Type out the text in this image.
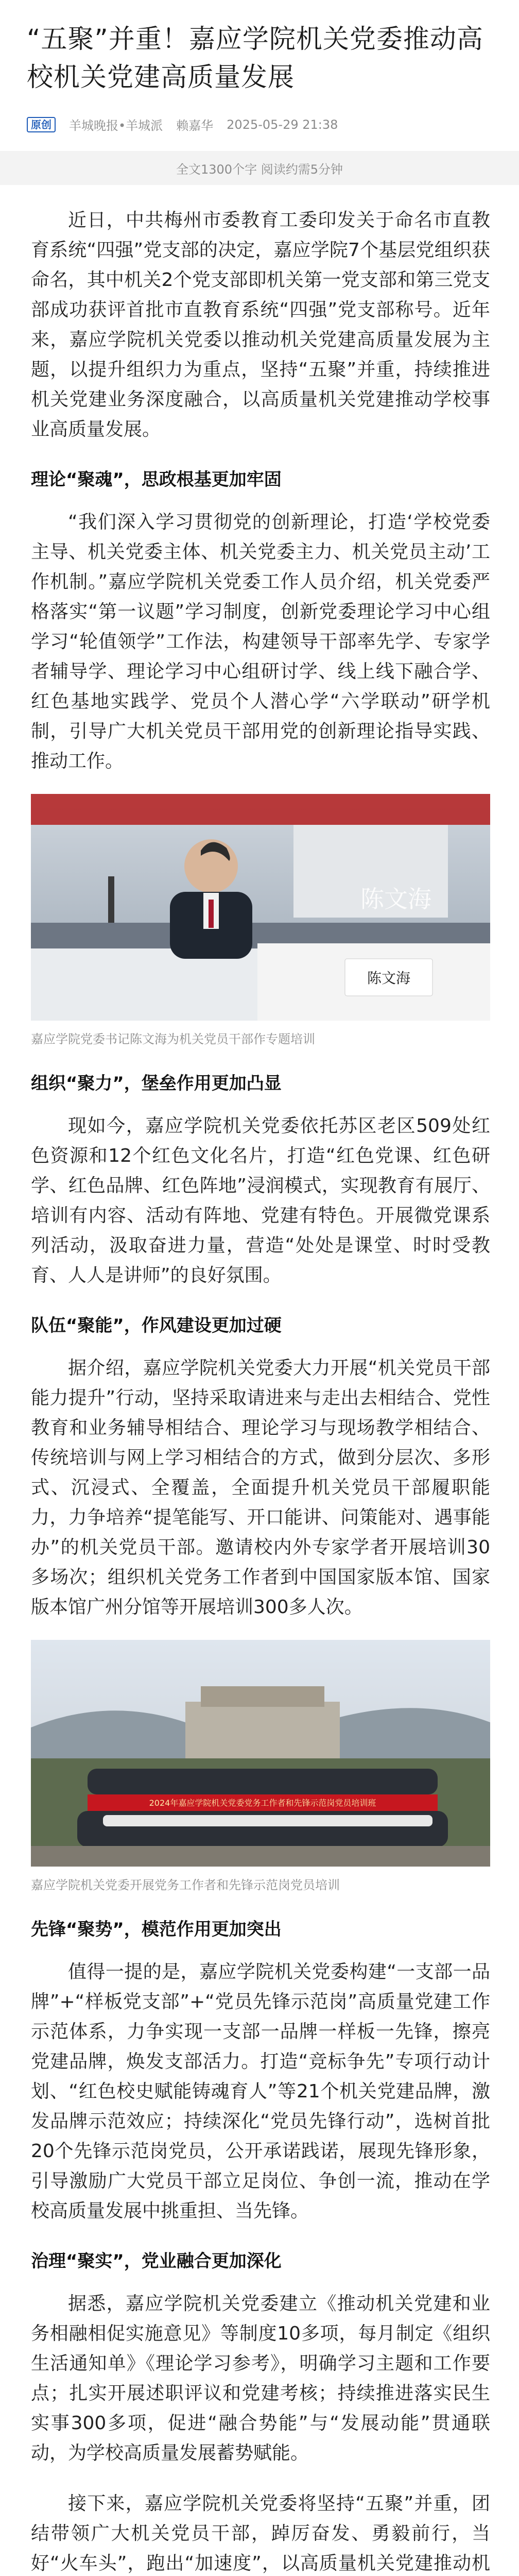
“五聚”并重！嘉应学院机关党委推动高校机关党建高质量发展
原创	羊城晚报•羊城派 赖嘉华 2025-05-29 21:38
全文1300个字 阅读约需5分钟

近日，中共梅州市委教育工委印发关于命名市直教育系统“四强”党支部的决定，嘉应学院7个基层党组织获命名，其中机关2个党支部即机关第一党支部和第三党支部成功获评首批市直教育系统“四强”党支部称号。近年来，嘉应学院机关党委以推动机关党建高质量发展为主题，以提升组织力为重点，坚持“五聚”并重，持续推进机关党建业务深度融合，以高质量机关党建推动学校事业高质量发展。

理论“聚魂”，思政根基更加牢固

“我们深入学习贯彻党的创新理论，打造‘学校党委主导、机关党委主体、机关党委主力、机关党员主动’工作机制。”嘉应学院机关党委工作人员介绍，机关党委严格落实“第一议题”学习制度，创新党委理论学习中心组学习“轮值领学”工作法，构建领导干部率先学、专家学者辅导学、理论学习中心组研讨学、线上线下融合学、红色基地实践学、党员个人潜心学“六学联动”研学机制，引导广大机关党员干部用党的创新理论指导实践、推动工作。

陈文海
陈文海
嘉应学院党委书记陈文海为机关党员干部作专题培训
组织“聚力”，堡垒作用更加凸显

现如今，嘉应学院机关党委依托苏区老区509处红色资源和12个红色文化名片，打造“红色党课、红色研学、红色品牌、红色阵地”浸润模式，实现教育有展厅、培训有内容、活动有阵地、党建有特色。开展微党课系列活动，汲取奋进力量，营造“处处是课堂、时时受教育、人人是讲师”的良好氛围。

队伍“聚能”，作风建设更加过硬

据介绍，嘉应学院机关党委大力开展“机关党员干部能力提升”行动，坚持采取请进来与走出去相结合、党性教育和业务辅导相结合、理论学习与现场教学相结合、传统培训与网上学习相结合的方式，做到分层次、多形式、沉浸式、全覆盖，全面提升机关党员干部履职能力，力争培养“提笔能写、开口能讲、问策能对、遇事能办”的机关党员干部。邀请校内外专家学者开展培训30多场次；组织机关党务工作者到中国国家版本馆、国家版本馆广州分馆等开展培训300多人次。

2024年嘉应学院机关党委党务工作者和先锋示范岗党员培训班
嘉应学院机关党委开展党务工作者和先锋示范岗党员培训
先锋“聚势”，模范作用更加突出

值得一提的是，嘉应学院机关党委构建“一支部一品牌”+“样板党支部”+“党员先锋示范岗”高质量党建工作示范体系，力争实现一支部一品牌一样板一先锋，擦亮党建品牌，焕发支部活力。打造“竞标争先”专项行动计划、“红色校史赋能铸魂育人”等21个机关党建品牌，激发品牌示范效应；持续深化“党员先锋行动”，选树首批20个先锋示范岗党员，公开承诺践诺，展现先锋形象，引导激励广大党员干部立足岗位、争创一流，推动在学校高质量发展中挑重担、当先锋。

治理“聚实”，党业融合更加深化

据悉，嘉应学院机关党委建立《推动机关党建和业务相融相促实施意见》等制度10多项，每月制定《组织生活通知单》《理论学习参考》，明确学习主题和工作要点；扎实开展述职评议和党建考核；持续推进落实民生实事300多项，促进“融合势能”与“发展动能”贯通联动，为学校高质量发展蓄势赋能。

接下来，嘉应学院机关党委将坚持“五聚”并重，团结带领广大机关党员干部，踔厉奋发、勇毅前行，当好“火车头”，跑出“加速度”，以高质量机关党建推动机
